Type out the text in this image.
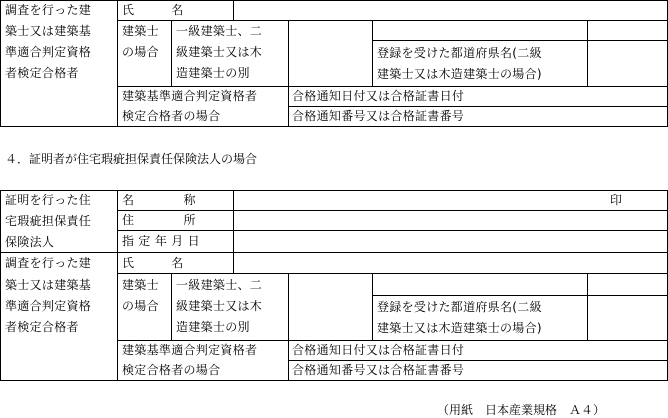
調査を行った建
築士又は建築基
準適合判定資格
者検定合格者
氏　　　名
建築士
の場合
一級建築士、二
級建築士又は木
造建築士の別
登録を受けた都道府県名(二級
建築士又は木造建築士の場合)
建築基準適合判定資格者
検定合格者の場合
合格通知日付又は合格証書日付
合格通知番号又は合格証書番号
４．証明者が住宅瑕疵担保責任保険法人の場合
証明を行った住
宅瑕疵担保責任
保険法人
名　　　　称	印
住　　　　所
指 定 年 月 日
調査を行った建
築士又は建築基
準適合判定資格
者検定合格者
氏　　　名
建築士
の場合
一級建築士、二
級建築士又は木
造建築士の別
登録を受けた都道府県名(二級
建築士又は木造建築士の場合)
建築基準適合判定資格者
検定合格者の場合
合格通知日付又は合格証書日付
合格通知番号又は合格証書番号
（用紙　日本産業規格　Ａ４）
